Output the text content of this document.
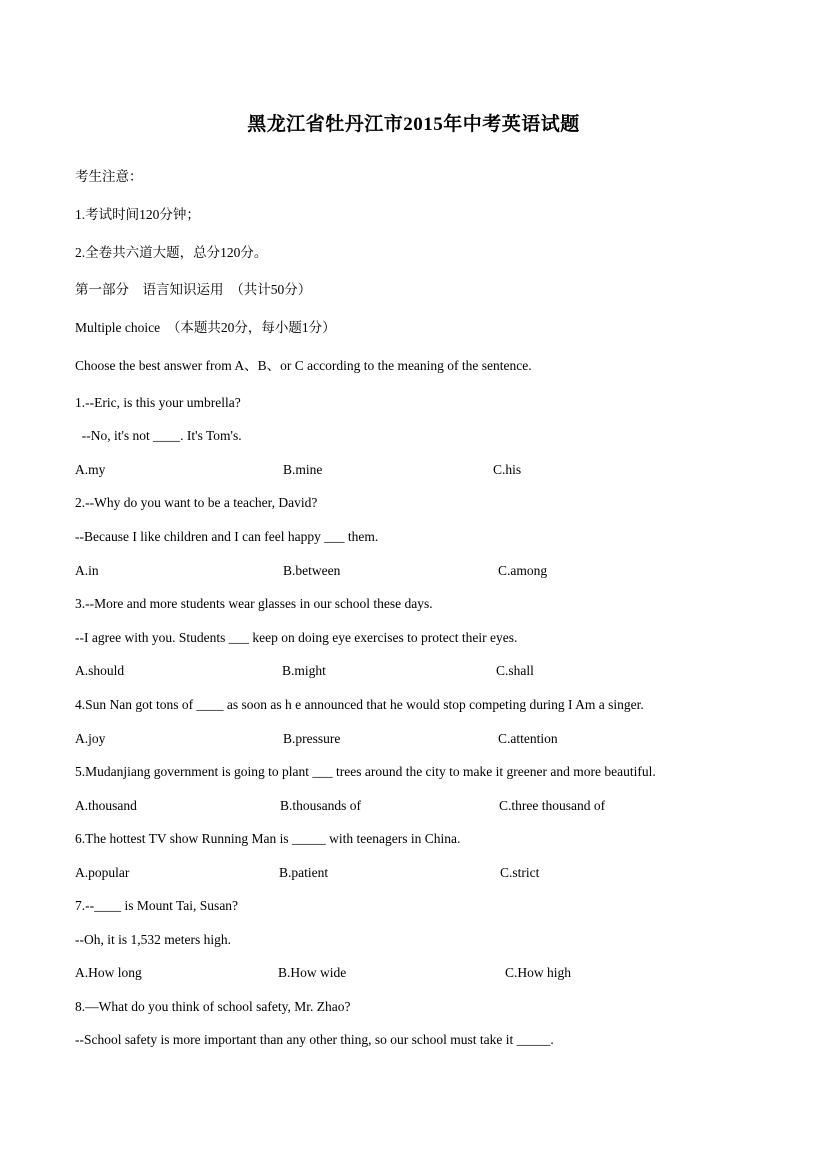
黑龙江省牡丹江市2015年中考英语试题
考生注意：
1.考试时间120分钟；
2.全卷共六道大题，总分120分。
第一部分    语言知识运用  （共计50分）
Multiple choice  （本题共20分，每小题1分）
Choose the best answer from A、B、or C according to the meaning of the sentence.
1.--Eric, is this your umbrella?
--No, it's not ____. It's Tom's.
A.my	B.mine	C.his
2.--Why do you want to be a teacher, David?
--Because I like children and I can feel happy ___ them.
A.in	B.between	C.among
3.--More and more students wear glasses in our school these days.
--I agree with you. Students ___ keep on doing eye exercises to protect their eyes.
A.should	B.might	C.shall
4.Sun Nan got tons of ____ as soon as h e announced that he would stop competing during I Am a singer.
A.joy	B.pressure	C.attention
5.Mudanjiang government is going to plant ___ trees around the city to make it greener and more beautiful.
A.thousand	B.thousands of	C.three thousand of
6.The hottest TV show Running Man is _____ with teenagers in China.
A.popular	B.patient	C.strict
7.--____ is Mount Tai, Susan?
--Oh, it is 1,532 meters high.
A.How long	B.How wide	C.How high
8.—What do you think of school safety, Mr. Zhao?
--School safety is more important than any other thing, so our school must take it _____.
